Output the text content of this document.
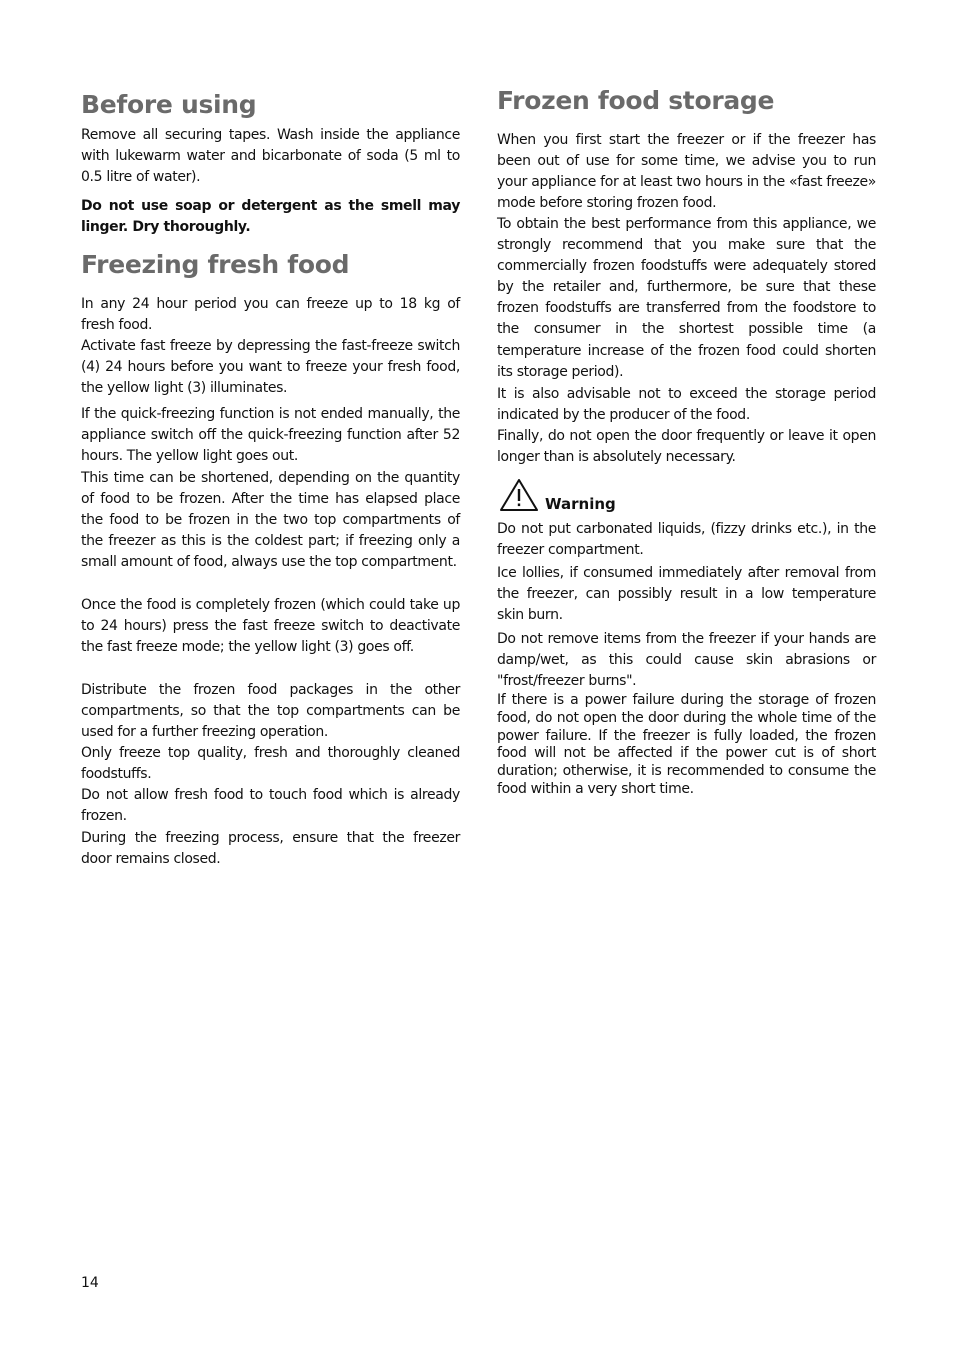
Before using

Remove all securing tapes. Wash inside the appliance with lukewarm water and bicarbonate of soda (5 ml to 0.5 litre of water).

Do not use soap or detergent as the smell may linger. Dry thoroughly.

Freezing fresh food

In any 24 hour period you can freeze up to 18 kg of fresh food.

Activate fast freeze by depressing the fast-freeze switch (4) 24 hours before you want to freeze your fresh food, the yellow light (3) illuminates.

If the quick-freezing function is not ended manually, the appliance switch off the quick-freezing function after 52 hours. The yellow light goes out.

This time can be shortened, depending on the quantity of food to be frozen. After the time has elapsed place the food to be frozen in the two top compartments of the freezer as this is the coldest part; if freezing only a small amount of food, always use the top compartment.

Once the food is completely frozen (which could take up to 24 hours) press the fast freeze switch to deactivate the fast freeze mode; the yellow light (3) goes off.

Distribute the frozen food packages in the other compartments, so that the top compartments can be used for a further freezing operation.

Only freeze top quality, fresh and thoroughly cleaned foodstuffs.

Do not allow fresh food to touch food which is already frozen.

During the freezing process, ensure that the freezer door remains closed.

Frozen food storage

When you first start the freezer or if the freezer has been out of use for some time, we advise you to run your appliance for at least two hours in the «fast freeze» mode before storing frozen food.

To obtain the best performance from this appliance, we strongly recommend that you make sure that the commercially frozen foodstuffs were adequately stored by the retailer and, furthermore, be sure that these frozen foodstuffs are transferred from the foodstore to the consumer in the shortest possible time (a temperature increase of the frozen food could shorten its storage period).

It is also advisable not to exceed the storage period indicated by the producer of the food.

Finally, do not open the door frequently or leave it open longer than is absolutely necessary.

Warning

Do not put carbonated liquids, (fizzy drinks etc.), in the freezer compartment.

Ice lollies, if consumed immediately after removal from the freezer, can possibly result in a low temperature skin burn.

Do not remove items from the freezer if your hands are damp/wet, as this could cause skin abrasions or "frost/freezer burns".

If there is a power failure during the storage of frozen food, do not open the door during the whole time of the power failure. If the freezer is fully loaded, the frozen food will not be affected if the power cut is of short duration; otherwise, it is recommended to consume the food within a very short time.

14
